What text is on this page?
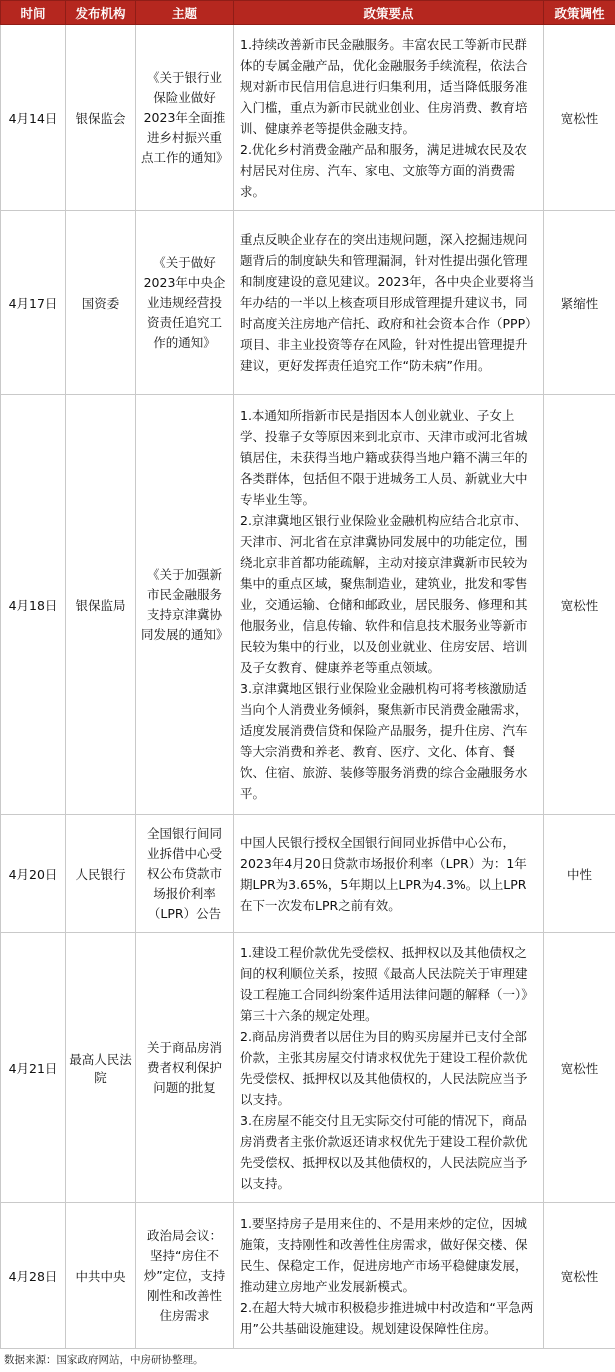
时间	发布机构	主题	政策要点	政策调性
4月14日	银保监会	《关于银行业保险业做好2023年全面推进乡村振兴重点工作的通知》	1.持续改善新市民金融服务。丰富农民工等新市民群体的专属金融产品，优化金融服务手续流程，依法合规对新市民信用信息进行归集利用，适当降低服务准入门槛，重点为新市民就业创业、住房消费、教育培训、健康养老等提供金融支持。
2.优化乡村消费金融产品和服务，满足进城农民及农村居民对住房、汽车、家电、文旅等方面的消费需求。	宽松性
4月17日	国资委	《关于做好2023年中央企业违规经营投资责任追究工作的通知》	重点反映企业存在的突出违规问题，深入挖掘违规问题背后的制度缺失和管理漏洞，针对性提出强化管理和制度建设的意见建议。2023年，各中央企业要将当年办结的一半以上核查项目形成管理提升建议书，同时高度关注房地产信托、政府和社会资本合作（PPP）项目、非主业投资等存在风险，针对性提出管理提升建议，更好发挥责任追究工作“防未病”作用。	紧缩性
4月18日	银保监局	《关于加强新市民金融服务支持京津冀协同发展的通知》	1.本通知所指新市民是指因本人创业就业、子女上学、投靠子女等原因来到北京市、天津市或河北省城镇居住，未获得当地户籍或获得当地户籍不满三年的各类群体，包括但不限于进城务工人员、新就业大中专毕业生等。
2.京津冀地区银行业保险业金融机构应结合北京市、天津市、河北省在京津冀协同发展中的功能定位，围绕北京非首都功能疏解，主动对接京津冀新市民较为集中的重点区域，聚焦制造业，建筑业，批发和零售业，交通运输、仓储和邮政业，居民服务、修理和其他服务业，信息传输、软件和信息技术服务业等新市民较为集中的行业，以及创业就业、住房安居、培训及子女教育、健康养老等重点领域。
3.京津冀地区银行业保险业金融机构可将考核激励适当向个人消费业务倾斜，聚焦新市民消费金融需求，适度发展消费信贷和保险产品服务，提升住房、汽车等大宗消费和养老、教育、医疗、文化、体育、餐饮、住宿、旅游、装修等服务消费的综合金融服务水平。	宽松性
4月20日	人民银行	全国银行间同业拆借中心受权公布贷款市场报价利率（LPR）公告	中国人民银行授权全国银行间同业拆借中心公布，2023年4月20日贷款市场报价利率（LPR）为：1年期LPR为3.65%，5年期以上LPR为4.3%。以上LPR在下一次发布LPR之前有效。	中性
4月21日	最高人民法院	关于商品房消费者权利保护问题的批复	1.建设工程价款优先受偿权、抵押权以及其他债权之间的权利顺位关系，按照《最高人民法院关于审理建设工程施工合同纠纷案件适用法律问题的解释（一）》第三十六条的规定处理。
2.商品房消费者以居住为目的购买房屋并已支付全部价款，主张其房屋交付请求权优先于建设工程价款优先受偿权、抵押权以及其他债权的，人民法院应当予以支持。
3.在房屋不能交付且无实际交付可能的情况下，商品房消费者主张价款返还请求权优先于建设工程价款优先受偿权、抵押权以及其他债权的，人民法院应当予以支持。	宽松性
4月28日	中共中央	政治局会议：坚持“房住不炒”定位，支持刚性和改善性住房需求	1.要坚持房子是用来住的、不是用来炒的定位，因城施策，支持刚性和改善性住房需求，做好保交楼、保民生、保稳定工作，促进房地产市场平稳健康发展，推动建立房地产业发展新模式。
2.在超大特大城市积极稳步推进城中村改造和“平急两用”公共基础设施建设。规划建设保障性住房。	宽松性
数据来源：国家政府网站，中房研协整理。
